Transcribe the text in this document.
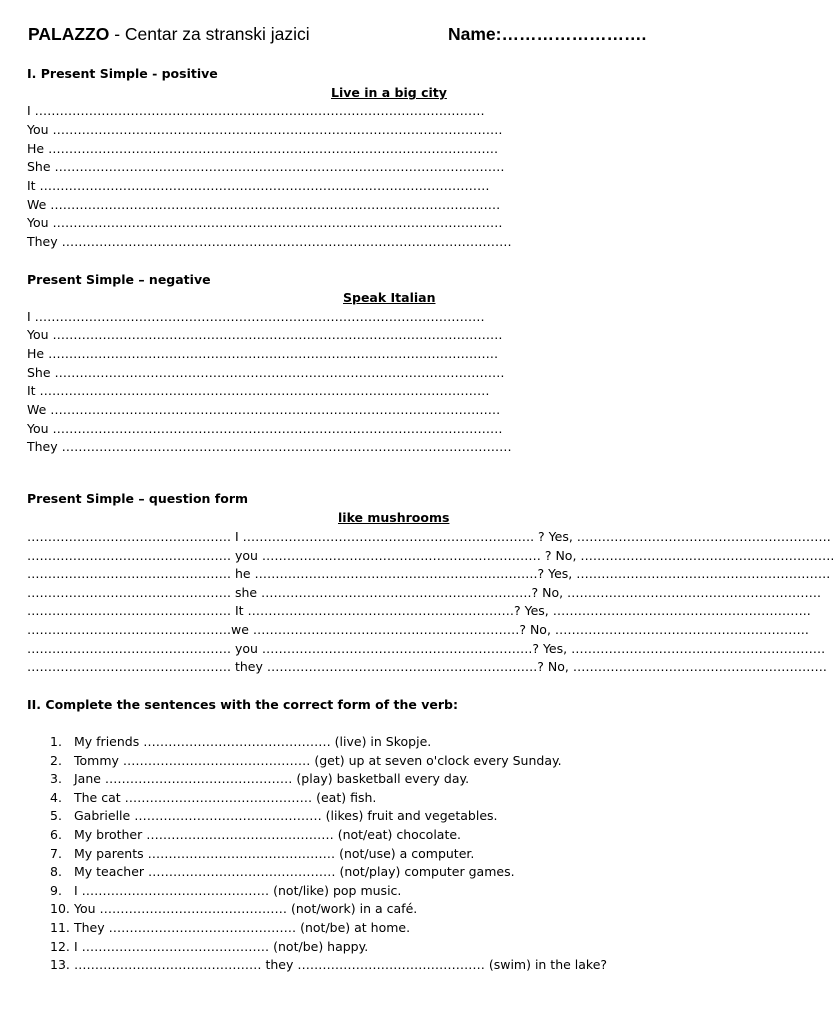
PALAZZO - Centar za stranski jazici	Name:…………………….
I. Present Simple - positive
Live in a big city
I ………………………………………………………………………………………………
You ………………………………………………………………………………………………
He ………………………………………………………………………………………………
She ………………………………………………………………………………………………
It ………………………………………………………………………………………………
We ………………………………………………………………………………………………
You ………………………………………………………………………………………………
They ………………………………………………………………………………………………
Present Simple – negative
Speak Italian
I ………………………………………………………………………………………………
You ………………………………………………………………………………………………
He ………………………………………………………………………………………………
She ………………………………………………………………………………………………
It ………………………………………………………………………………………………
We ………………………………………………………………………………………………
You ………………………………………………………………………………………………
They ………………………………………………………………………………………………
Present Simple – question form
like mushrooms
…………………………………………. I ……………………………………………………………. ? Yes, …………………………………………………….
…………………………………………. you ………………………………….……………………… ? No, …………………………………………………….
…………………………………………. he ………………………………….……………………….? Yes, …………………………………………………….
…………………………………………. she ………………………………….…………………….? No, …………………………………………………….
…………………………………………. It ………………………………….……………………? Yes, ……………………………………………………..
………………………………………….we ………………………………….……………………? No, …………………………………………………….
…………………………………………. you ………………………………….…………………….? Yes, …………………………………………………….
…………………………………………. they ………………………………….…………………….? No, …………………………………………………….
II. Complete the sentences with the correct form of the verb:
1. My friends ……………………………………… (live) in Skopje.
2. Tommy ……………………………………… (get) up at seven o'clock every Sunday.
3. Jane ……………………………………… (play) basketball every day.
4. The cat ……………………………………… (eat) fish.
5. Gabrielle ……………………………………… (likes) fruit and vegetables.
6. My brother ……………………………………… (not/eat) chocolate.
7. My parents ……………………………………… (not/use) a computer.
8. My teacher ……………………………………… (not/play) computer games.
9. I ……………………………………… (not/like) pop music.
10. You ……………………………………… (not/work) in a café.
11. They ……………………………………… (not/be) at home.
12. I ……………………………………… (not/be) happy.
13. ……………………………………… they ……………………………………… (swim) in the lake?
